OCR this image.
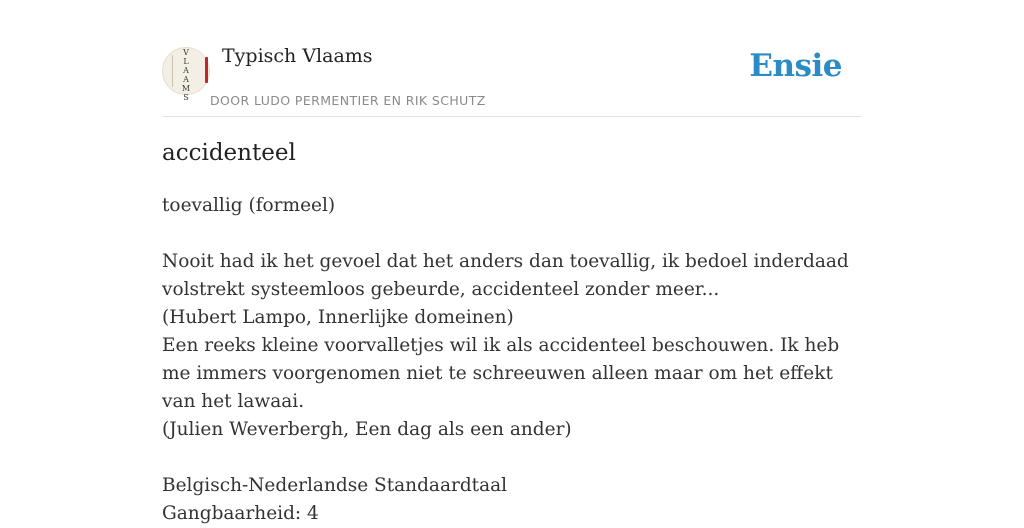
V
L
A
A
M
S
Typisch Vlaams
DOOR LUDO PERMENTIER EN RIK SCHUTZ
Ensie
accidenteel

toevallig (formeel)

Nooit had ik het gevoel dat het anders dan toevallig, ik bedoel inderdaad volstrekt systeemloos gebeurde, accidenteel zonder meer...

(Hubert Lampo, Innerlijke domeinen)

Een reeks kleine voorvalletjes wil ik als accidenteel beschouwen. Ik heb me immers voorgenomen niet te schreeuwen alleen maar om het effekt van het lawaai.

(Julien Weverbergh, Een dag als een ander)

Belgisch-Nederlandse Standaardtaal

Gangbaarheid: 4
